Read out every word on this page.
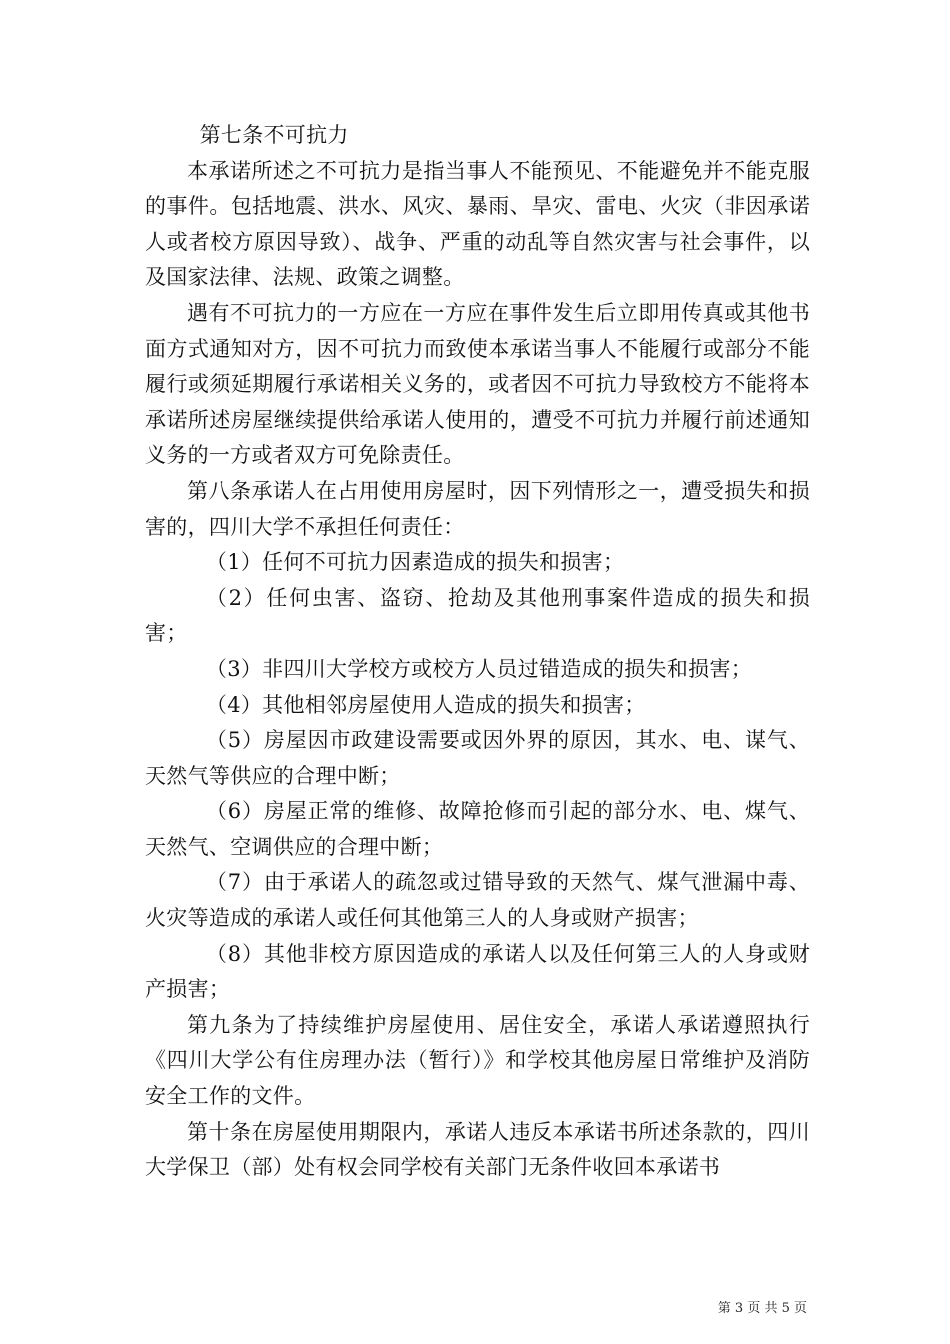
第七条不可抗力

本承诺所述之不可抗力是指当事人不能预见、不能避免并不能克服的事件。包括地震、洪水、风灾、暴雨、旱灾、雷电、火灾（非因承诺人或者校方原因导致）、战争、严重的动乱等自然灾害与社会事件，以及国家法律、法规、政策之调整。

遇有不可抗力的一方应在一方应在事件发生后立即用传真或其他书面方式通知对方，因不可抗力而致使本承诺当事人不能履行或部分不能履行或须延期履行承诺相关义务的，或者因不可抗力导致校方不能将本承诺所述房屋继续提供给承诺人使用的，遭受不可抗力并履行前述通知义务的一方或者双方可免除责任。

第八条承诺人在占用使用房屋时，因下列情形之一，遭受损失和损害的，四川大学不承担任何责任：

（1）任何不可抗力因素造成的损失和损害；

（2）任何虫害、盗窃、抢劫及其他刑事案件造成的损失和损害；

（3）非四川大学校方或校方人员过错造成的损失和损害；

（4）其他相邻房屋使用人造成的损失和损害；

（5）房屋因市政建设需要或因外界的原因，其水、电、谋气、天然气等供应的合理中断；

（6）房屋正常的维修、故障抢修而引起的部分水、电、煤气、天然气、空调供应的合理中断；

（7）由于承诺人的疏忽或过错导致的天然气、煤气泄漏中毒、火灾等造成的承诺人或任何其他第三人的人身或财产损害；

（8）其他非校方原因造成的承诺人以及任何第三人的人身或财产损害；

第九条为了持续维护房屋使用、居住安全，承诺人承诺遵照执行《四川大学公有住房理办法（暂行）》和学校其他房屋日常维护及消防安全工作的文件。

第十条在房屋使用期限内，承诺人违反本承诺书所述条款的，四川大学保卫（部）处有权会同学校有关部门无条件收回本承诺书

第 3 页 共 5 页
